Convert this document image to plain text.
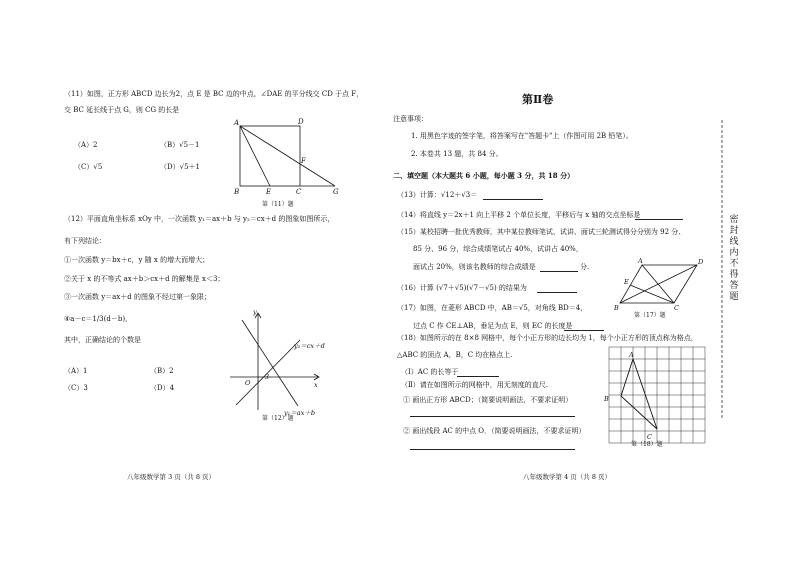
（11）如图，正方形 ABCD 边长为2，点 E 是 BC 边的中点，∠DAE 的平分线交 CD 于点 F，
交 BC 延长线于点 G，则 CG 的长是
（A）2	（B）√5－1
（C）√5	（D）√5＋1
A	D
F
B	E	C	G
第（11）题
（12）平面直角坐标系 xOy 中，一次函数 y₁＝ax＋b 与 y₂＝cx＋d 的图象如图所示，
有下列结论：
①一次函数 y＝bx＋c，y 随 x 的增大而增大；
②关于 x 的不等式 ax＋b＞cx＋d 的解集是 x＜3；
③一次函数 y＝ax＋d 的图象不经过第一象限；
④a－c＝1/3(d－b)，
其中，正确结论的个数是
（A）1	（B）2
（C）3	（D）4
y
y₂＝cx＋d
O
3
x
y₁＝ax＋b
第（12）题
八年级数学第 3 页（共 8 页）
第Ⅱ卷
注意事项：
1. 用黑色字迹的签字笔，将答案写在"答题卡"上（作图可用 2B 铅笔）。
2. 本卷共 13 题，共 84 分。
二、填空题（本大题共 6 小题，每小题 3 分，共 18 分）
（13）计算：√12＋√3＝
（14）将直线 y＝2x＋1 向上平移 2 个单位长度，平移后与 x 轴的交点坐标是
（15）某校招聘一批优秀教师，其中某位教师笔试、试讲、面试三轮测试得分分别为 92 分、
85 分、96 分，综合成绩笔试占 40%，试讲占 40%，
面试占 20%，则该名教师的综合成绩是	分.
（16）计算 (√7＋√5)(√7－√5) 的结果为
（17）如图，在菱形 ABCD 中，AB＝√5，对角线 BD＝4，
过点 C 作 CE⊥AB，垂足为点 E，则 EC 的长度是
A	D
E
B	C
第（17）题
（18）如图所示的在 8×8 网格中，每个小正方形的边长均为 1，每个小正方形的顶点称为格点，
△ABC 的顶点 A，B，C 均在格点上.
（Ⅰ）AC 的长等于
（Ⅱ）请在如图所示的网格中，用无刻度的直尺.
① 画出正方形 ABCD；（简要说明画法，不要求证明）
② 画出线段 AC 的中点 O．（简要说明画法，不要求证明）
A
B
C
第（18）题
八年级数学第 4 页（共 8 页）
密封线内不得答题
